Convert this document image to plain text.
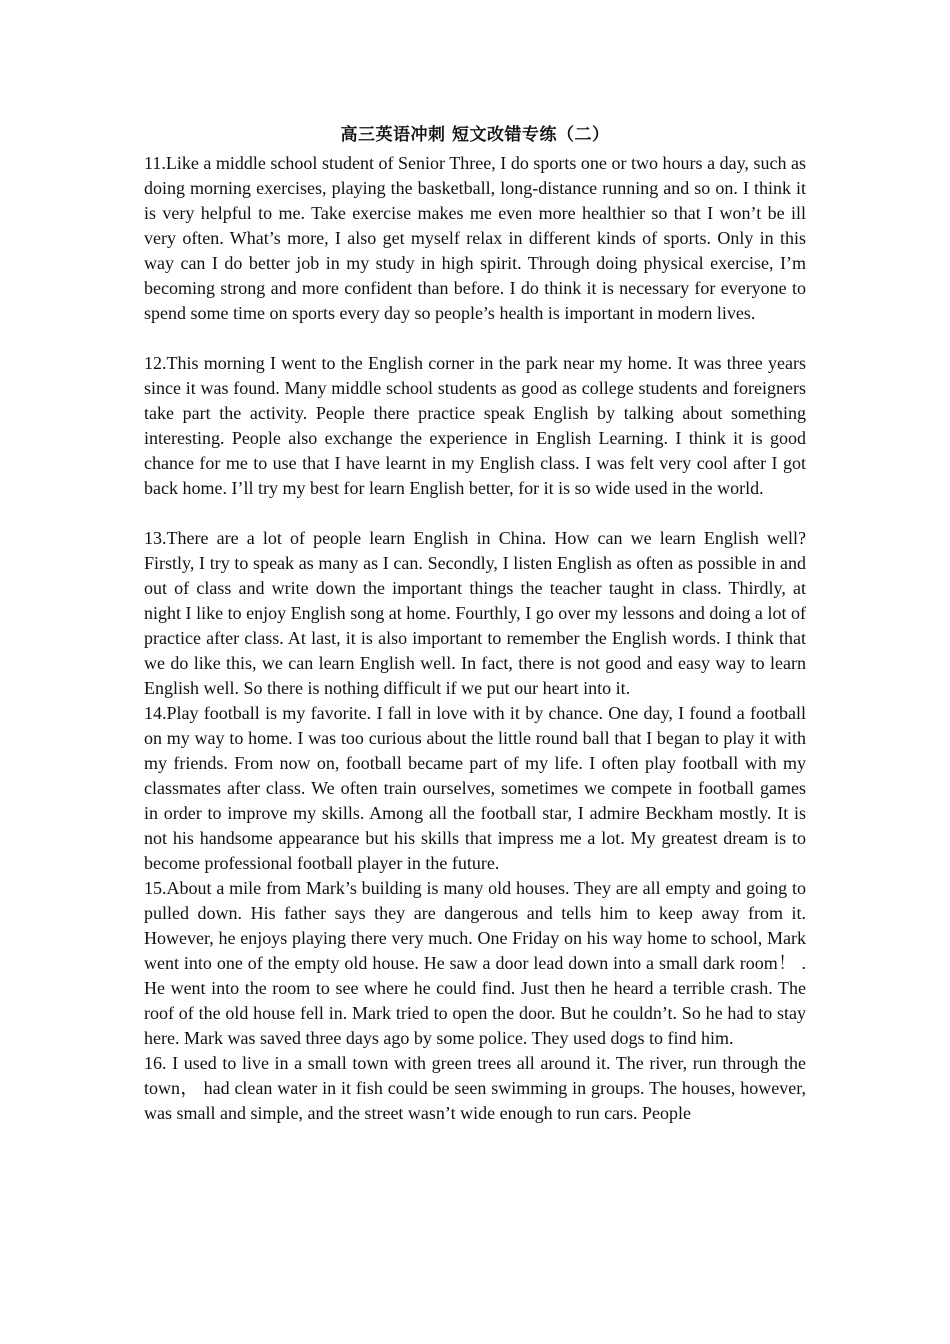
高三英语冲刺 短文改错专练（二）

11.Like a middle school student of Senior Three, I do sports one or two hours a day, such as doing morning exercises, playing the basketball, long-distance running and so on. I think it is very helpful to me. Take exercise makes me even more healthier so that I won’t be ill very often. What’s more, I also get myself relax in different kinds of sports. Only in this way can I do better job in my study in high spirit. Through doing physical exercise, I’m becoming strong and more confident than before. I do think it is necessary for everyone to spend some time on sports every day so people’s health is important in modern lives.

12.This morning I went to the English corner in the park near my home. It was three years since it was found. Many middle school students as good as college students and foreigners take part the activity. People there practice speak English by talking about something interesting. People also exchange the experience in English Learning. I think it is good chance for me to use that I have learnt in my English class. I was felt very cool after I got back home. I’ll try my best for learn English better, for it is so wide used in the world.

13.There are a lot of people learn English in China. How can we learn English well? Firstly, I try to speak as many as I can. Secondly, I listen English as often as possible in and out of class and write down the important things the teacher taught in class. Thirdly, at night I like to enjoy English song at home. Fourthly, I go over my lessons and doing a lot of practice after class. At last, it is also important to remember the English words. I think that we do like this, we can learn English well. In fact, there is not good and easy way to learn English well. So there is nothing difficult if we put our heart into it.

14.Play football is my favorite. I fall in love with it by chance. One day, I found a football on my way to home. I was too curious about the little round ball that I began to play it with my friends. From now on, football became part of my life. I often play football with my classmates after class. We often train ourselves, sometimes we compete in football games in order to improve my skills. Among all the football star, I admire Beckham mostly. It is not his handsome appearance but his skills that impress me a lot. My greatest dream is to become professional football player in the future.

15.About a mile from Mark’s building is many old houses. They are all empty and going to pulled down. His father says they are dangerous and tells him to keep away from it. However, he enjoys playing there very much. One Friday on his way home to school, Mark went into one of the empty old house. He saw a door lead down into a small dark room！ . He went into the room to see where he could find. Just then he heard a terrible crash. The roof of the old house fell in. Mark tried to open the door. But he couldn’t. So he had to stay here. Mark was saved three days ago by some police. They used dogs to find him.

16. I used to live in a small town with green trees all around it. The river, run through the town， had clean water in it fish could be seen swimming in groups. The houses, however, was small and simple, and the street wasn’t wide enough to run cars. People
